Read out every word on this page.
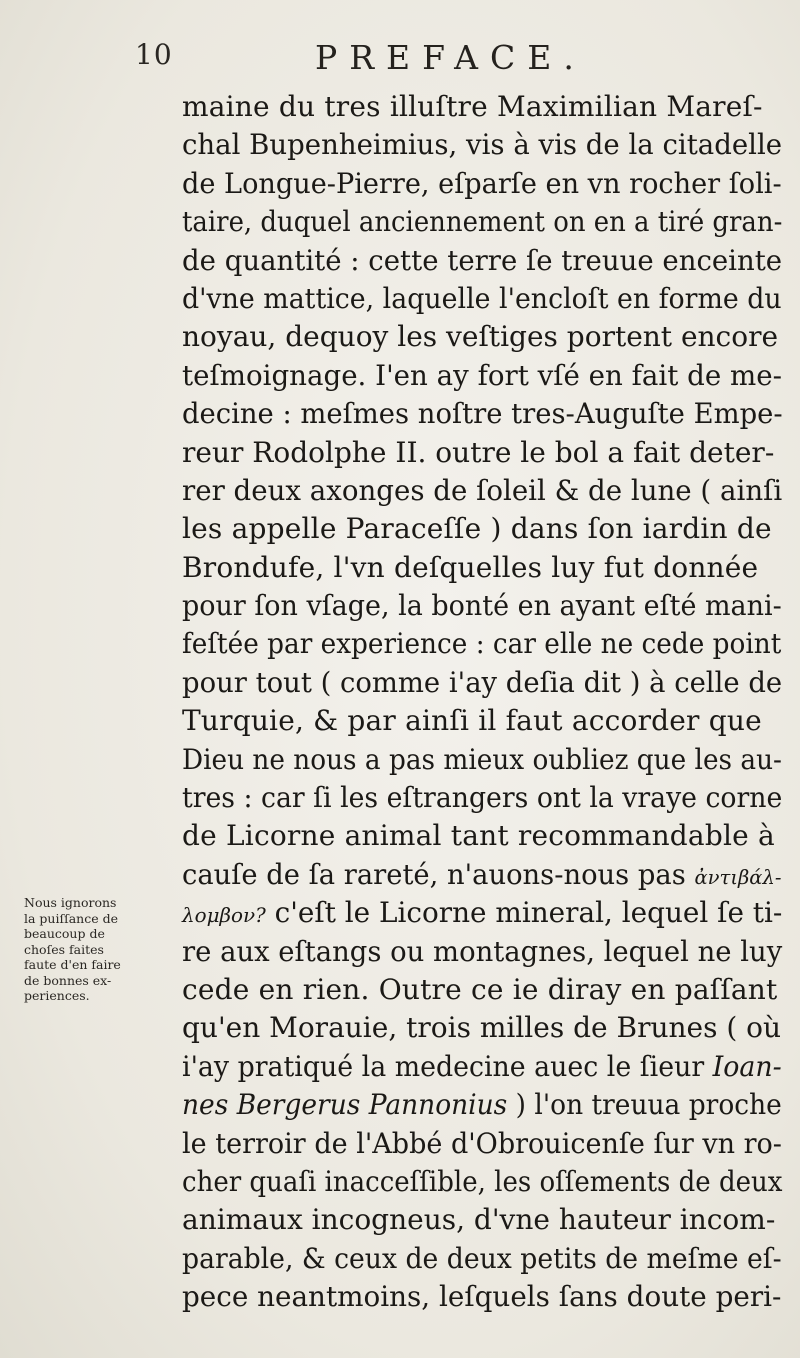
10	PREFACE.
maine du tres illuſtre Maximilian Mareſ-
chal Bupenheimius, vis à vis de la citadelle
de Longue-Pierre, eſparſe en vn rocher ſoli-
taire, duquel anciennement on en a tiré gran-
de quantité : cette terre ſe treuue enceinte
d'vne mattice, laquelle l'encloſt en forme du
noyau, dequoy les veſtiges portent encore
teſmoignage. I'en ay fort vſé en fait de me-
decine : meſmes noſtre tres-Auguſte Empe-
reur Rodolphe II. outre le bol a fait deter-
rer deux axonges de ſoleil & de lune ( ainſi
les appelle Paraceſſe ) dans ſon iardin de
Brondufe, l'vn deſquelles luy fut donnée
pour ſon vſage, la bonté en ayant eſté mani-
feſtée par experience : car elle ne cede point
pour tout ( comme i'ay deſia dit ) à celle de
Turquie, & par ainſi il faut accorder que
Dieu ne nous a pas mieux oubliez que les au-
tres : car ſi les eſtrangers ont la vraye corne
de Licorne animal tant recommandable à
cauſe de ſa rareté, n'auons-nous pas ἀντιβάλ-
λομβον? c'eſt le Licorne mineral, lequel ſe ti-
re aux eſtangs ou montagnes, lequel ne luy
cede en rien. Outre ce ie diray en paſſant
qu'en Morauie, trois milles de Brunes ( où
i'ay pratiqué la medecine auec le ſieur Ioan-
nes Bergerus Pannonius ) l'on treuua proche
le terroir de l'Abbé d'Obrouicenſe ſur vn ro-
cher quaſi inacceſſible, les oſſements de deux
animaux incogneus, d'vne hauteur incom-
parable, & ceux de deux petits de meſme eſ-
pece neantmoins, leſquels ſans doute peri-
Nous ignorons
la puiſſance de
beaucoup de
choſes faites
faute d'en faire
de bonnes ex-
periences.
